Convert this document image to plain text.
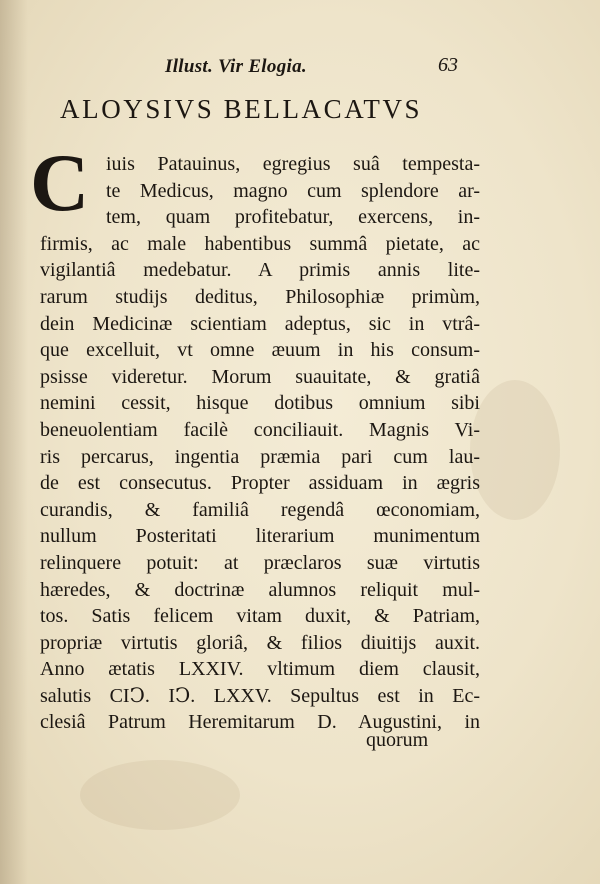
Illust. Vir Elogia.	63
ALOYSIVS BELLACATVS
C iuis Patauinus, egregius suâ tempesta-
te Medicus, magno cum splendore ar-
tem, quam profitebatur, exercens, in-
firmis, ac male habentibus summâ pietate, ac
vigilantiâ medebatur. A primis annis lite-
rarum studijs deditus, Philosophiæ primùm,
dein Medicinæ scientiam adeptus, sic in vtrâ-
que excelluit, vt omne æuum in his consum-
psisse videretur. Morum suauitate, & gratiâ
nemini cessit, hisque dotibus omnium sibi
beneuolentiam facilè conciliauit. Magnis Vi-
ris percarus, ingentia præmia pari cum lau-
de est consecutus. Propter assiduam in ægris
curandis, & familiâ regendâ œconomiam,
nullum Posteritati literarium munimentum
relinquere potuit: at præclaros suæ virtutis
hæredes, & doctrinæ alumnos reliquit mul-
tos. Satis felicem vitam duxit, & Patriam,
propriæ virtutis gloriâ, & filios diuitijs auxit.
Anno ætatis LXXIV. vltimum diem clausit,
salutis CIↃ. IↃ. LXXV. Sepultus est in Ec-
clesiâ Patrum Heremitarum D. Augustini, in
quorum
